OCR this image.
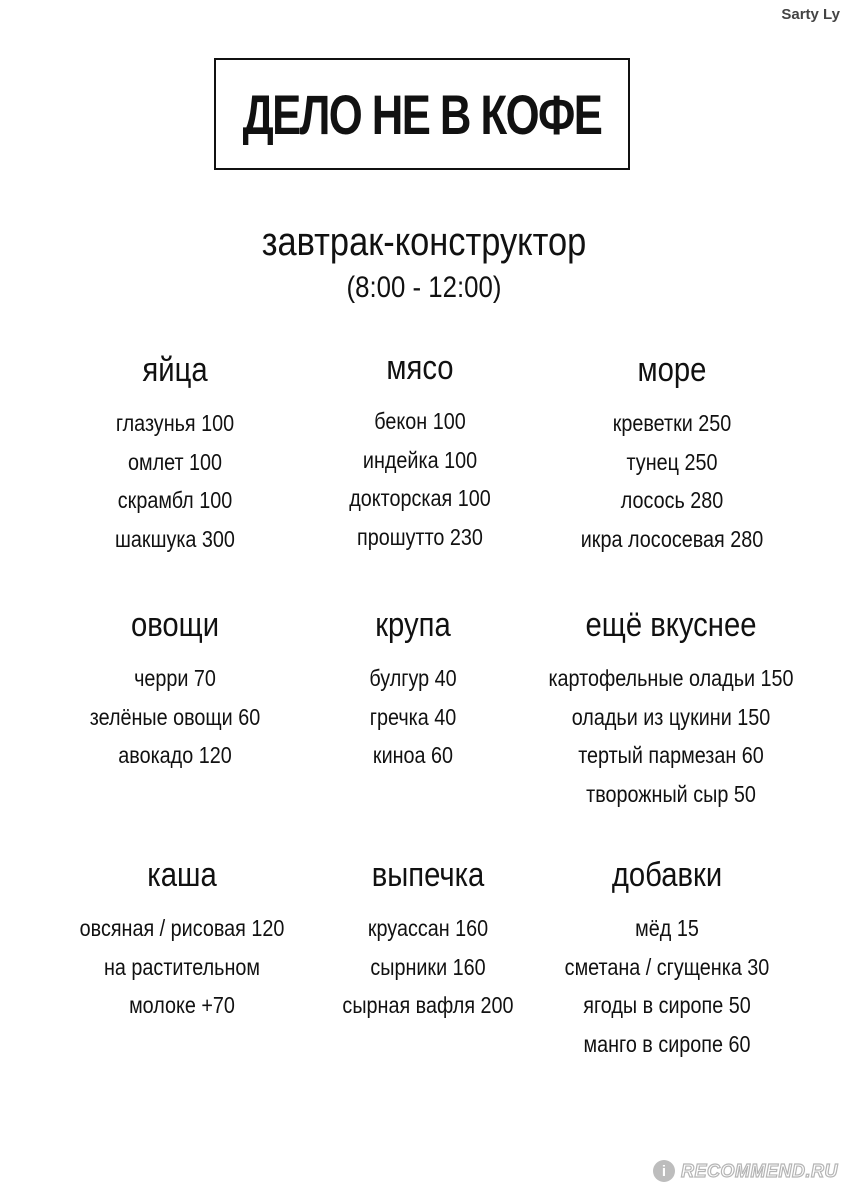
Sarty Ly
ДЕЛО НЕ В КОФЕ
завтрак-конструктор
(8:00 - 12:00)
яйца
глазунья 100
омлет 100
скрамбл 100
шакшука 300
мясо
бекон 100
индейка 100
докторская 100
прошутто 230
море
креветки 250
тунец 250
лосось 280
икра лососевая 280
овощи
черри 70
зелёные овощи 60
авокадо 120
крупа
булгур 40
гречка 40
киноа 60
ещё вкуснее
картофельные оладьи 150
оладьи из цукини 150
тертый пармезан 60
творожный сыр 50
каша
овсяная / рисовая 120
на растительном
молоке +70
выпечка
круассан 160
сырники 160
сырная вафля 200
добавки
мёд 15
сметана / сгущенка 30
ягоды в сиропе 50
манго в сиропе 60
i RECOMMEND.RU
